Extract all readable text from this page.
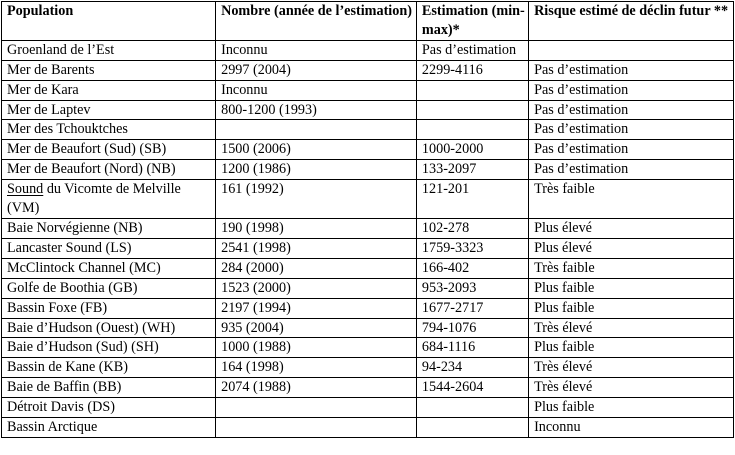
Population	Nombre (année de l’estimation)	Estimation (min-max)*	Risque estimé de déclin futur **
Groenland de l’Est	Inconnu	Pas d’estimation	
Mer de Barents	2997 (2004)	2299-4116	Pas d’estimation
Mer de Kara	Inconnu		Pas d’estimation
Mer de Laptev	800-1200 (1993)		Pas d’estimation
Mer des Tchouktches			Pas d’estimation
Mer de Beaufort (Sud) (SB)	1500 (2006)	1000-2000	Pas d’estimation
Mer de Beaufort (Nord) (NB)	1200 (1986)	133-2097	Pas d’estimation
Sound du Vicomte de Melville (VM)	161 (1992)	121-201	Très faible
Baie Norvégienne (NB)	190 (1998)	102-278	Plus élevé
Lancaster Sound (LS)	2541 (1998)	1759-3323	Plus élevé
McClintock Channel (MC)	284 (2000)	166-402	Très faible
Golfe de Boothia (GB)	1523 (2000)	953-2093	Plus faible
Bassin Foxe (FB)	2197 (1994)	1677-2717	Plus faible
Baie d’Hudson (Ouest) (WH)	935 (2004)	794-1076	Très élevé
Baie d’Hudson (Sud) (SH)	1000 (1988)	684-1116	Plus faible
Bassin de Kane (KB)	164 (1998)	94-234	Très élevé
Baie de Baffin (BB)	2074 (1988)	1544-2604	Très élevé
Détroit Davis (DS)			Plus faible
Bassin Arctique			Inconnu
